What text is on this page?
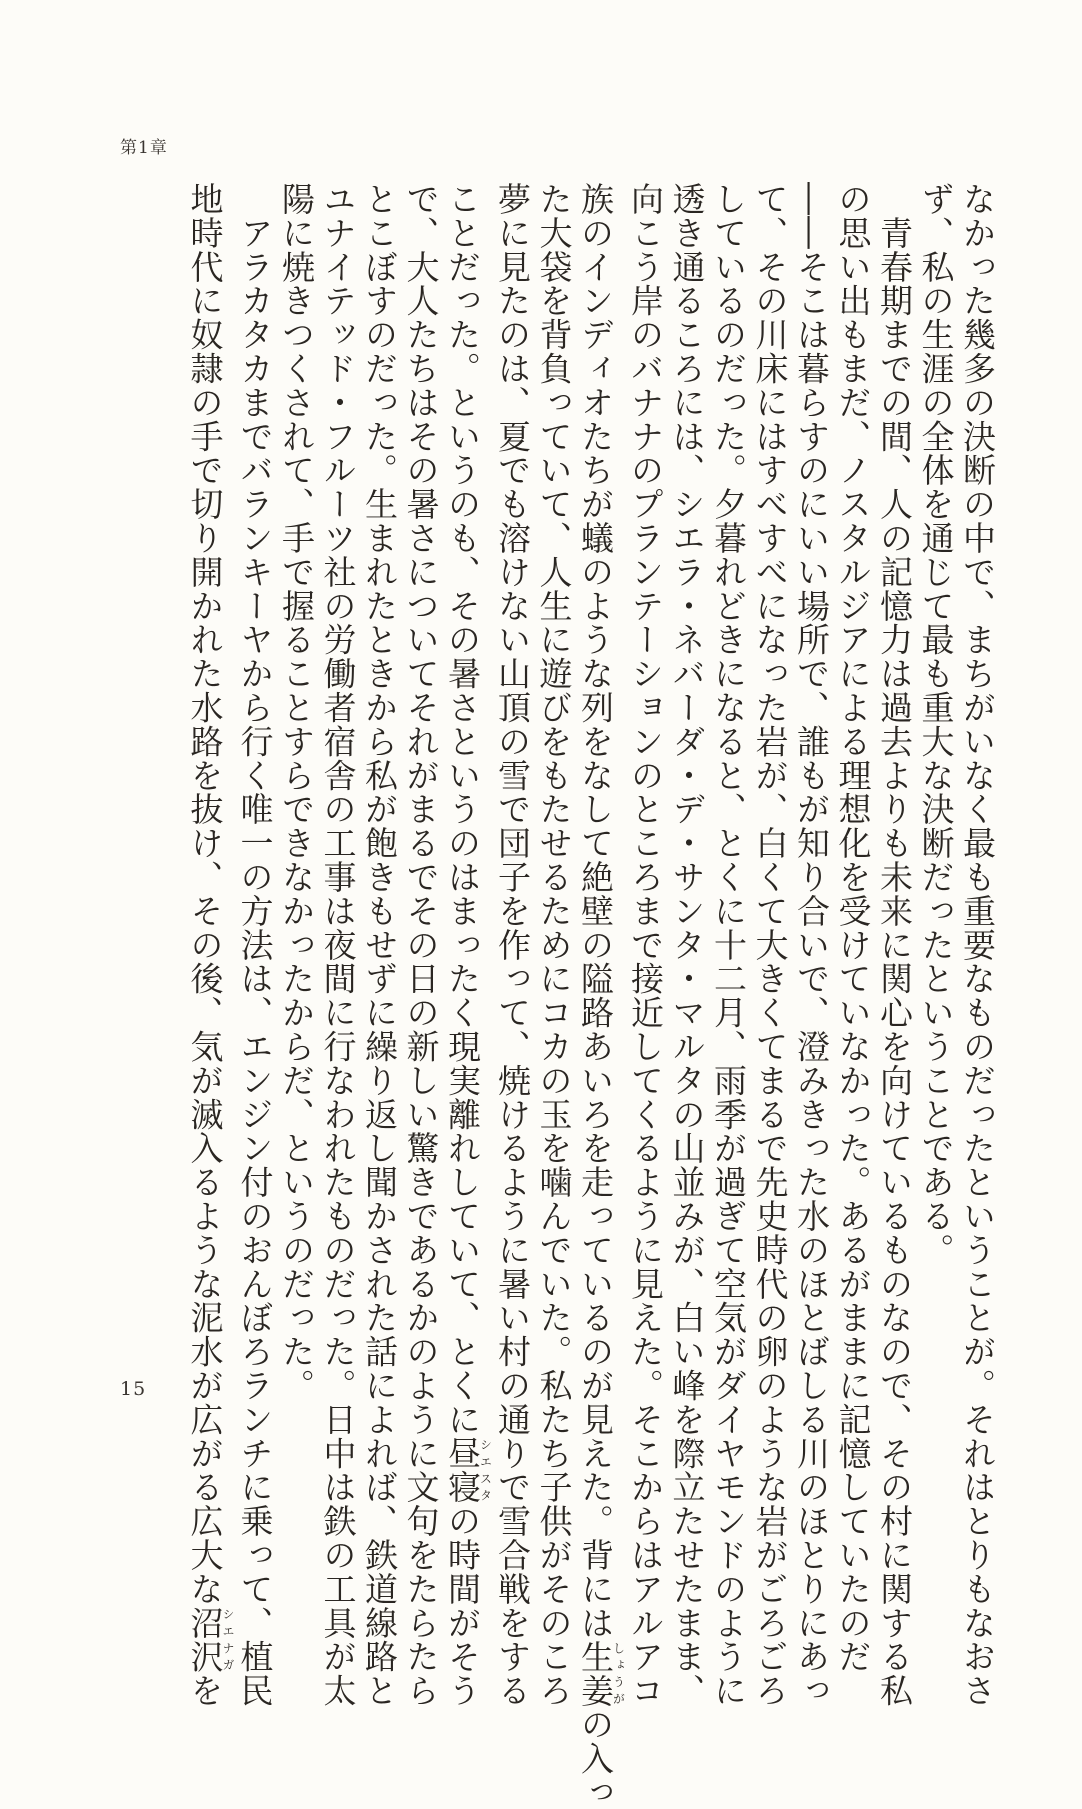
第1章
なかった幾多の決断の中で、まちがいなく最も重要なものだったということが。それはとりもなおさ
ず、私の生涯の全体を通じて最も重大な決断だったということである。
　青春期までの間、人の記憶力は過去よりも未来に関心を向けているものなので、その村に関する私
の思い出もまだ、ノスタルジアによる理想化を受けていなかった。あるがままに記憶していたのだ
――そこは暮らすのにいい場所で、誰もが知り合いで、澄みきった水のほとばしる川のほとりにあっ
て、その川床にはすべすべになった岩が、白くて大きくてまるで先史時代の卵のような岩がごろごろ
しているのだった。夕暮れどきになると、とくに十二月、雨季が過ぎて空気がダイヤモンドのように
透き通るころには、シエラ・ネバーダ・デ・サンタ・マルタの山並みが、白い峰を際立たせたまま、
向こう岸のバナナのプランテーションのところまで接近してくるように見えた。そこからはアルアコ
族のインディオたちが蟻のような列をなして絶壁の隘路あいろを走っているのが見えた。背には生姜しょうがの入っ
た大袋を背負っていて、人生に遊びをもたせるためにコカの玉を噛んでいた。私たち子供がそのころ
夢に見たのは、夏でも溶けない山頂の雪で団子を作って、焼けるように暑い村の通りで雪合戦をする
ことだった。というのも、その暑さというのはまったく現実離れしていて、とくに昼寝シエスタの時間がそう
で、大人たちはその暑さについてそれがまるでその日の新しい驚きであるかのように文句をたらたら
とこぼすのだった。生まれたときから私が飽きもせずに繰り返し聞かされた話によれば、鉄道線路と
ユナイテッド・フルーツ社の労働者宿舎の工事は夜間に行なわれたものだった。日中は鉄の工具が太
陽に焼きつくされて、手で握ることすらできなかったからだ、というのだった。
　アラカタカまでバランキーヤから行く唯一の方法は、エンジン付のおんぼろランチに乗って、植民
地時代に奴隷の手で切り開かれた水路を抜け、その後、気が滅入るような泥水が広がる広大な沼沢シエナガを
15
